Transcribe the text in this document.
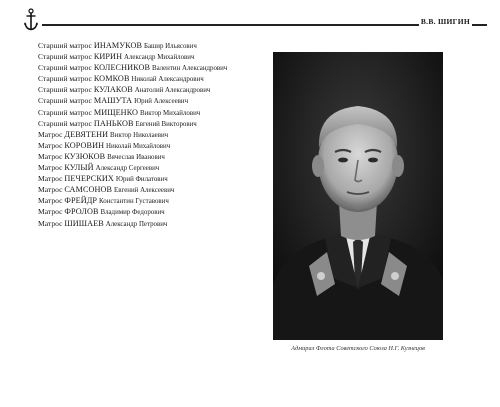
В.В. ШИГИН
Старший матрос ИНАМУКОВ Башир Ильясович
Старший матрос КИРИН Александр Михайлович
Старший матрос КОЛЕСНИКОВ Валентин Александрович
Старший матрос КОМКОВ Николай Александрович
Старший матрос КУЛАКОВ Анатолий Александрович
Старший матрос МАШУТА Юрий Алексеевич
Старший матрос МИЩЕНКО Виктор Михайлович
Старший матрос ПАНЬКОВ Евгений Викторович
Матрос ДЕВЯТЕНИ Виктор Николаевич
Матрос КОРОВИН Николай Михайлович
Матрос КУЗЮКОВ Вячеслав Иванович
Матрос КУЛЫЙ Александр Сергеевич
Матрос ПЕЧЕРСКИХ Юрий Филатович
Матрос САМСОНОВ Евгений Алексеевич
Матрос ФРЕЙДР Константин Густавович
Матрос ФРОЛОВ Владимир Федорович
Матрос ШИШАЕВ Александр Петрович
Адмирал Флота Советского Союза Н.Г. Кузнецов
